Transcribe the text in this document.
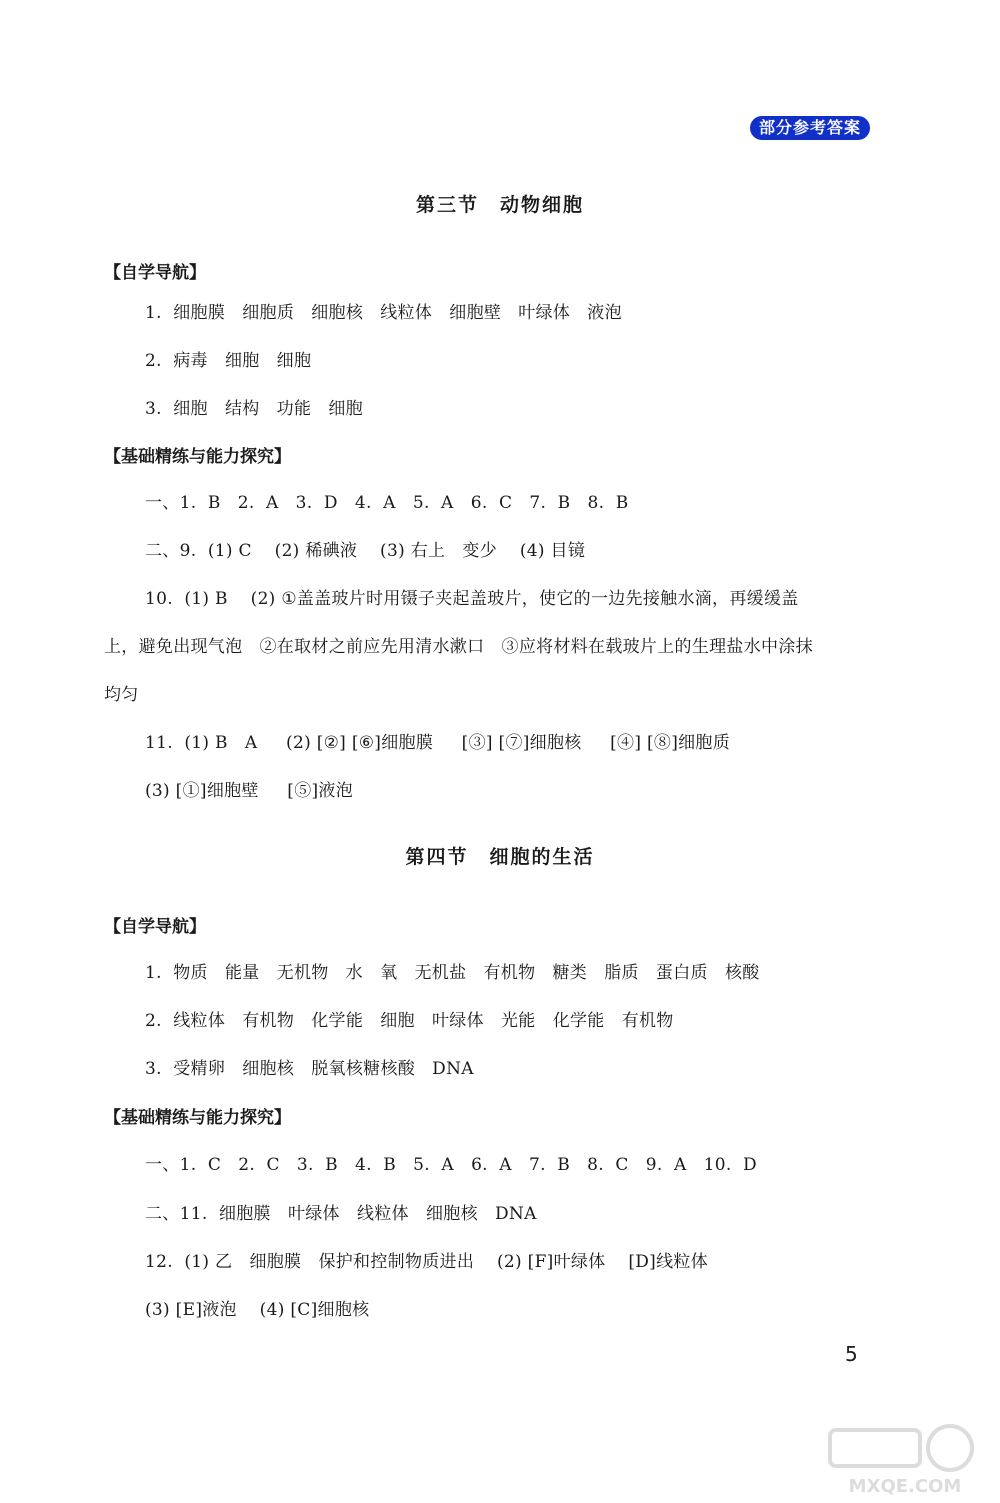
部分参考答案
第三节　动物细胞
【自学导航】
1.  细胞膜   细胞质   细胞核   线粒体   细胞壁   叶绿体   液泡
2.  病毒   细胞   细胞
3.  细胞   结构   功能   细胞
【基础精练与能力探究】
一、1.  B   2.  A   3.  D   4.  A   5.  A   6.  C   7.  B   8.  B
二、9.  (1) C    (2) 稀碘液    (3) 右上   变少    (4) 目镜
10.  (1) B    (2) ①盖盖玻片时用镊子夹起盖玻片，使它的一边先接触水滴，再缓缓盖
上，避免出现气泡   ②在取材之前应先用清水漱口   ③应将材料在载玻片上的生理盐水中涂抹
均匀
11.  (1) B   A     (2) [②] [⑥]细胞膜     [③] [⑦]细胞核     [④] [⑧]细胞质
(3) [①]细胞壁     [⑤]液泡
第四节　细胞的生活
【自学导航】
1.  物质   能量   无机物   水   氧   无机盐   有机物   糖类   脂质   蛋白质   核酸
2.  线粒体   有机物   化学能   细胞   叶绿体   光能   化学能   有机物
3.  受精卵   细胞核   脱氧核糖核酸   DNA
【基础精练与能力探究】
一、1.  C   2.  C   3.  B   4.  B   5.  A   6.  A   7.  B   8.  C   9.  A   10.  D
二、11.  细胞膜   叶绿体   线粒体   细胞核   DNA
12.  (1) 乙   细胞膜   保护和控制物质进出    (2) [F]叶绿体    [D]线粒体
(3) [E]液泡    (4) [C]细胞核
5
MXQE.COM
